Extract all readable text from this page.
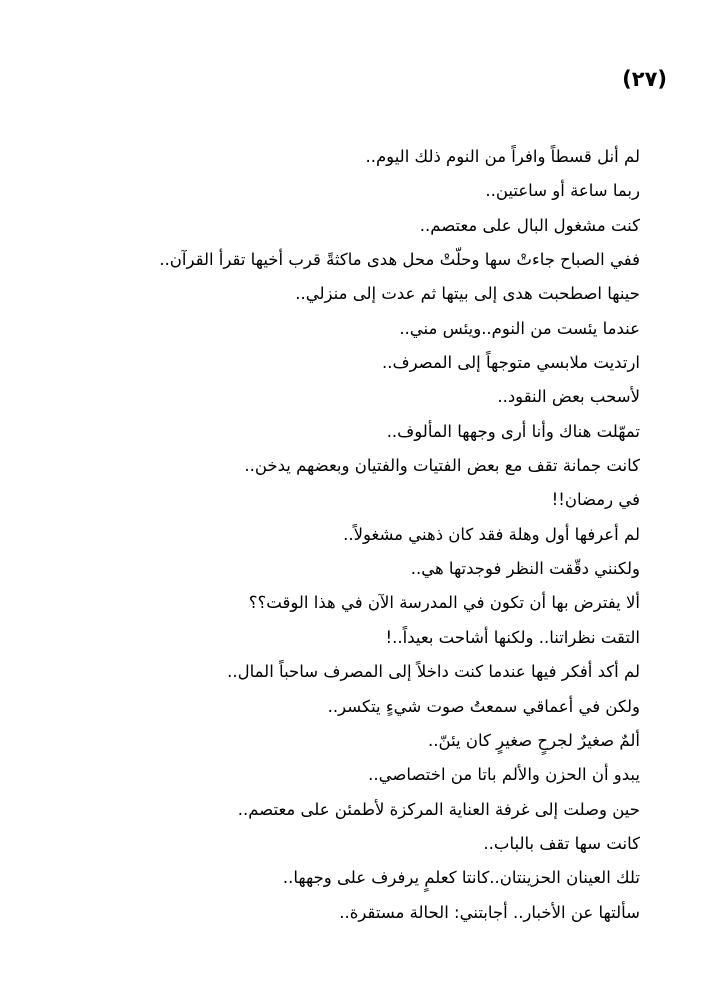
(٢٧)
لم أنل قسطاً وافراً من النوم ذلك اليوم..
ربما ساعة أو ساعتين..
كنت مشغول البال على معتصم..
ففي الصباح جاءتْ سها وحلّتْ محل هدى ماكثةً قرب أخيها تقرأ القرآن..
حينها اصطحبت هدى إلى بيتها ثم عدت إلى منزلي..
عندما يئست من النوم..ويئس مني..
ارتديت ملابسي متوجهاً إلى المصرف..
لأسحب بعض النقود..
تمهّلت هناك وأنا أرى وجهها المألوف..
كانت جمانة تقف مع بعض الفتيات والفتيان وبعضهم يدخن..
في رمضان!!
لم أعرفها أول وهلة فقد كان ذهني مشغولاً..
ولكنني دقّقت النظر فوجدتها هي..
ألا يفترض بها أن تكون في المدرسة الآن في هذا الوقت؟؟
التقت نظراتنا.. ولكنها أشاحت بعيداً..!
لم أكد أفكر فيها عندما كنت داخلاً إلى المصرف ساحباً المال..
ولكن في أعماقي سمعتُ صوت شيءٍ يتكسر..
ألمٌ صغيرٌ لجرحٍ صغيرٍ كان يئنّ..
يبدو أن الحزن والألم باتا من اختصاصي..
حين وصلت إلى غرفة العناية المركزة لأطمئن على معتصم..
كانت سها تقف بالباب..
تلك العينان الحزينتان..كانتا كعلمٍ يرفرف على وجهها..
سألتها عن الأخبار.. أجابتني: الحالة مستقرة..
